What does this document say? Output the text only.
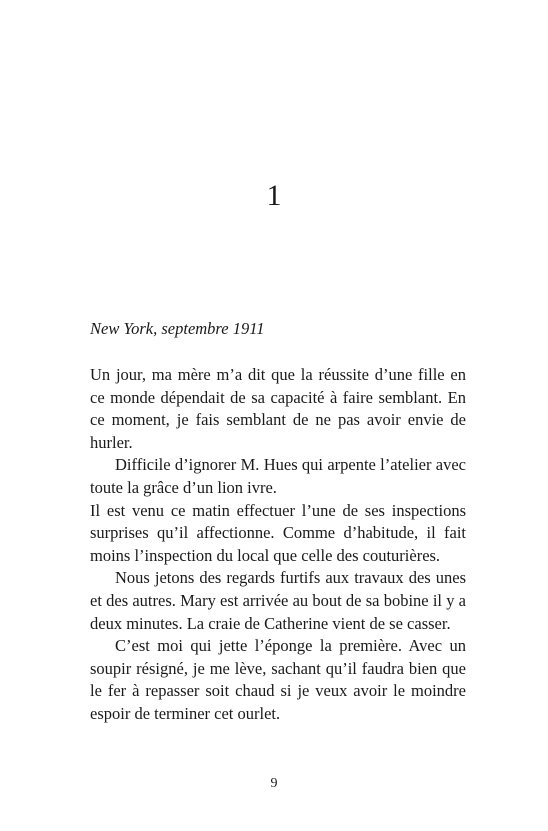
1
New York, septembre 1911

Un jour, ma mère m’a dit que la réussite d’une fille en ce monde dépendait de sa capacité à faire semblant. En ce moment, je fais semblant de ne pas avoir envie de hurler.

Difficile d’ignorer M. Hues qui arpente l’atelier avec toute la grâce d’un lion ivre.

Il est venu ce matin effectuer l’une de ses inspections surprises qu’il affectionne. Comme d’habitude, il fait moins l’inspection du local que celle des couturières.

Nous jetons des regards furtifs aux travaux des unes et des autres. Mary est arrivée au bout de sa bobine il y a deux minutes. La craie de Catherine vient de se casser.

C’est moi qui jette l’éponge la première. Avec un soupir résigné, je me lève, sachant qu’il faudra bien que le fer à repasser soit chaud si je veux avoir le moindre espoir de terminer cet ourlet.

9
